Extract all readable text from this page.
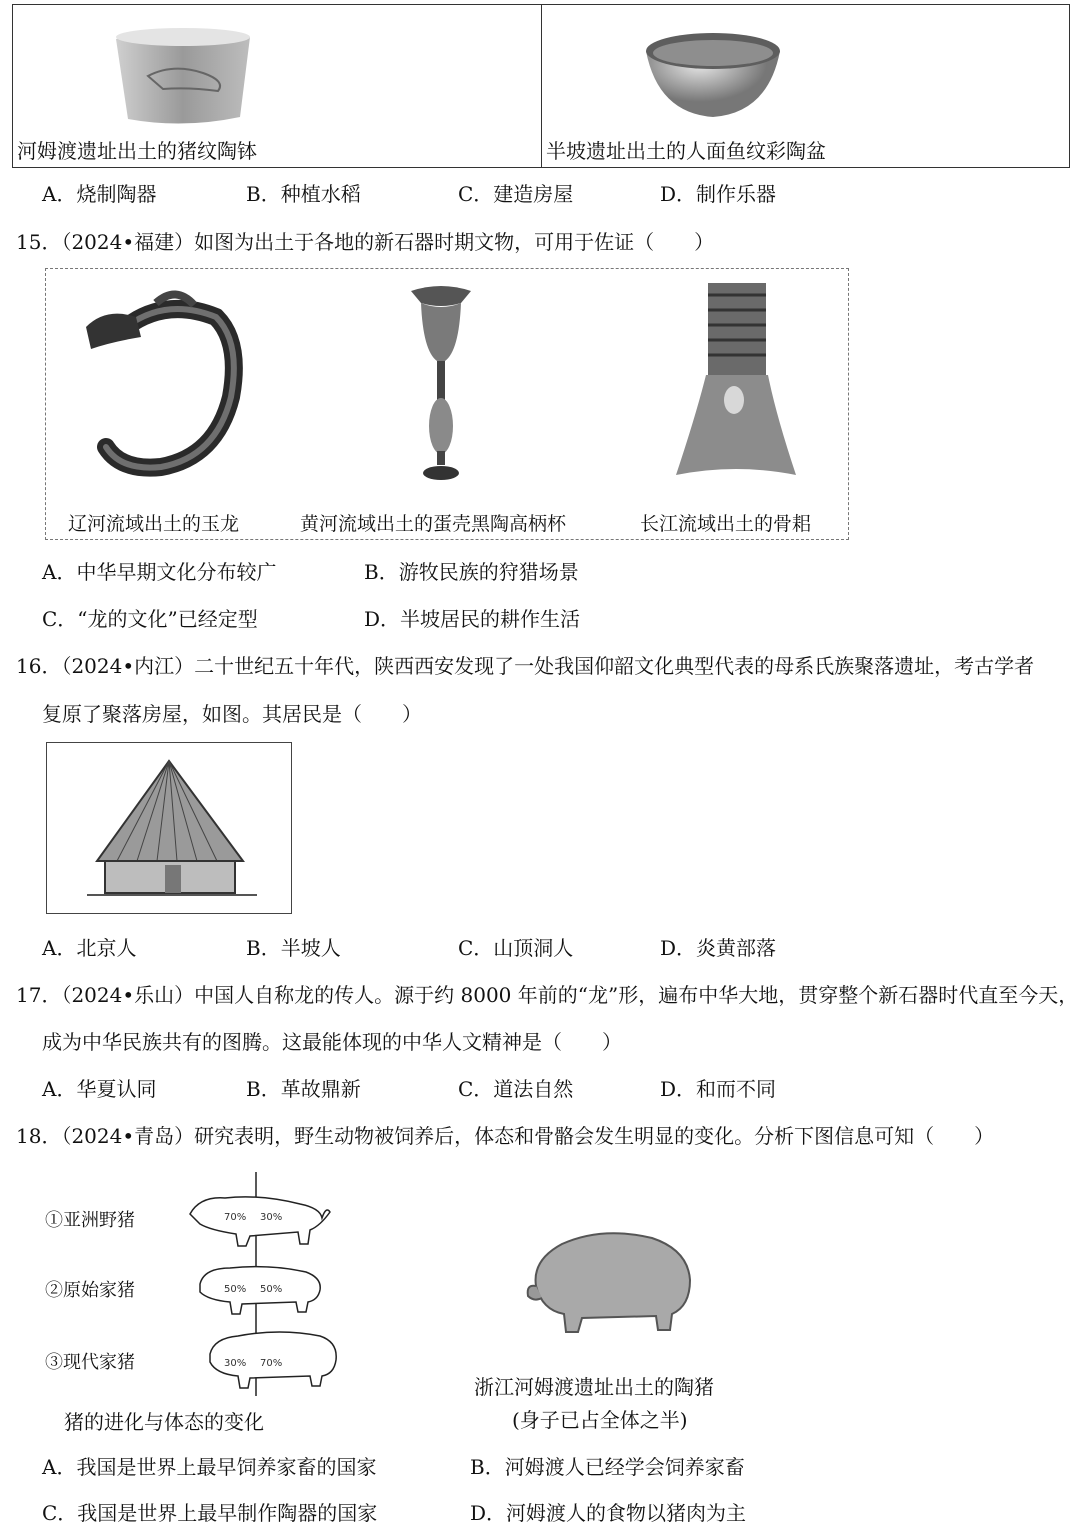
河姆渡遗址出土的猪纹陶钵	半坡遗址出土的人面鱼纹彩陶盆
A．烧制陶器	B．种植水稻	C．建造房屋	D．制作乐器
15．（2024•福建）如图为出土于各地的新石器时期文物，可用于佐证（　　）
辽河流域出土的玉龙	黄河流域出土的蛋壳黑陶高柄杯	长江流域出土的骨耜
A．中华早期文化分布较广	B．游牧民族的狩猎场景
C．“龙的文化”已经定型	D．半坡居民的耕作生活
16．（2024•内江）二十世纪五十年代，陕西西安发现了一处我国仰韶文化典型代表的母系氏族聚落遗址，考古学者
复原了聚落房屋，如图。其居民是（　　）
A．北京人	B．半坡人	C．山顶洞人	D．炎黄部落
17．（2024•乐山）中国人自称龙的传人。源于约 8000 年前的“龙”形，遍布中华大地，贯穿整个新石器时代直至今天，
成为中华民族共有的图腾。这最能体现的中华人文精神是（　　）
A．华夏认同	B．革故鼎新	C．道法自然	D．和而不同
18．（2024•青岛）研究表明，野生动物被饲养后，体态和骨骼会发生明显的变化。分析下图信息可知（　　）
①亚洲野猪
②原始家猪
③现代家猪
70% 30%
50% 50%
30% 70%
猪的进化与体态的变化
浙江河姆渡遗址出土的陶猪
(身子已占全体之半)
A．我国是世界上最早饲养家畜的国家	B．河姆渡人已经学会饲养家畜
C．我国是世界上最早制作陶器的国家	D．河姆渡人的食物以猪肉为主
